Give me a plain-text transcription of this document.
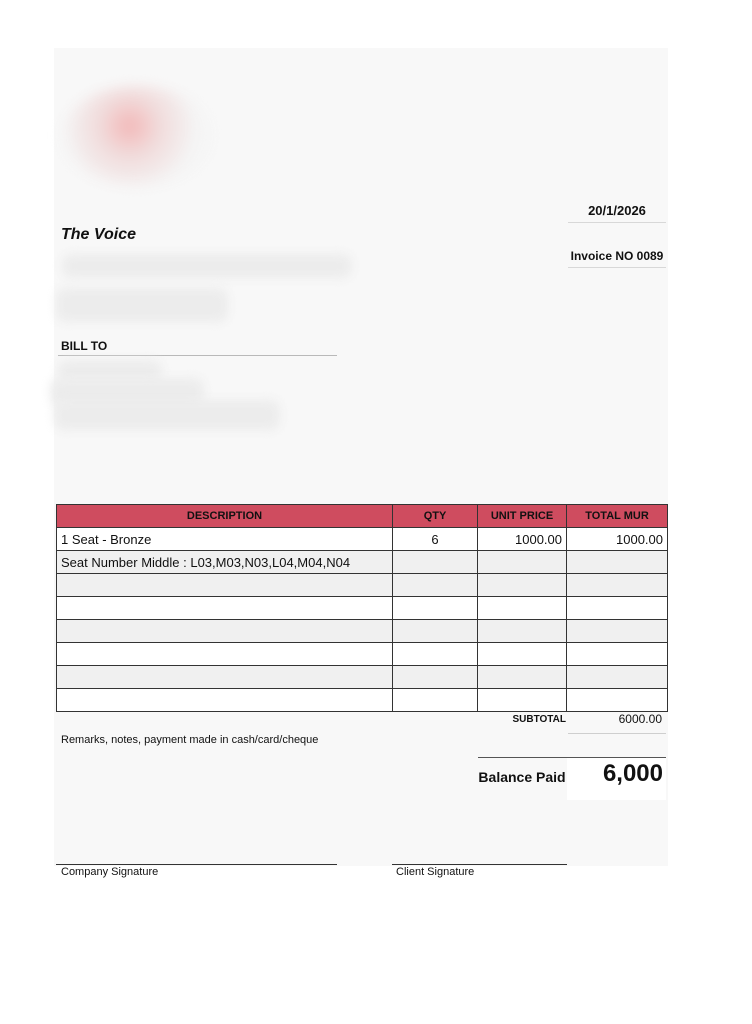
The Voice
20/1/2026
Invoice NO 0089
BILL TO
DESCRIPTION	QTY	UNIT PRICE	TOTAL MUR
1 Seat - Bronze	6	1000.00	1000.00
Seat Number Middle : L03,M03,N03,L04,M04,N04			

SUBTOTAL	6000.00
Remarks, notes, payment made in cash/card/cheque
Balance Paid	6,000
Company Signature	Client Signature
